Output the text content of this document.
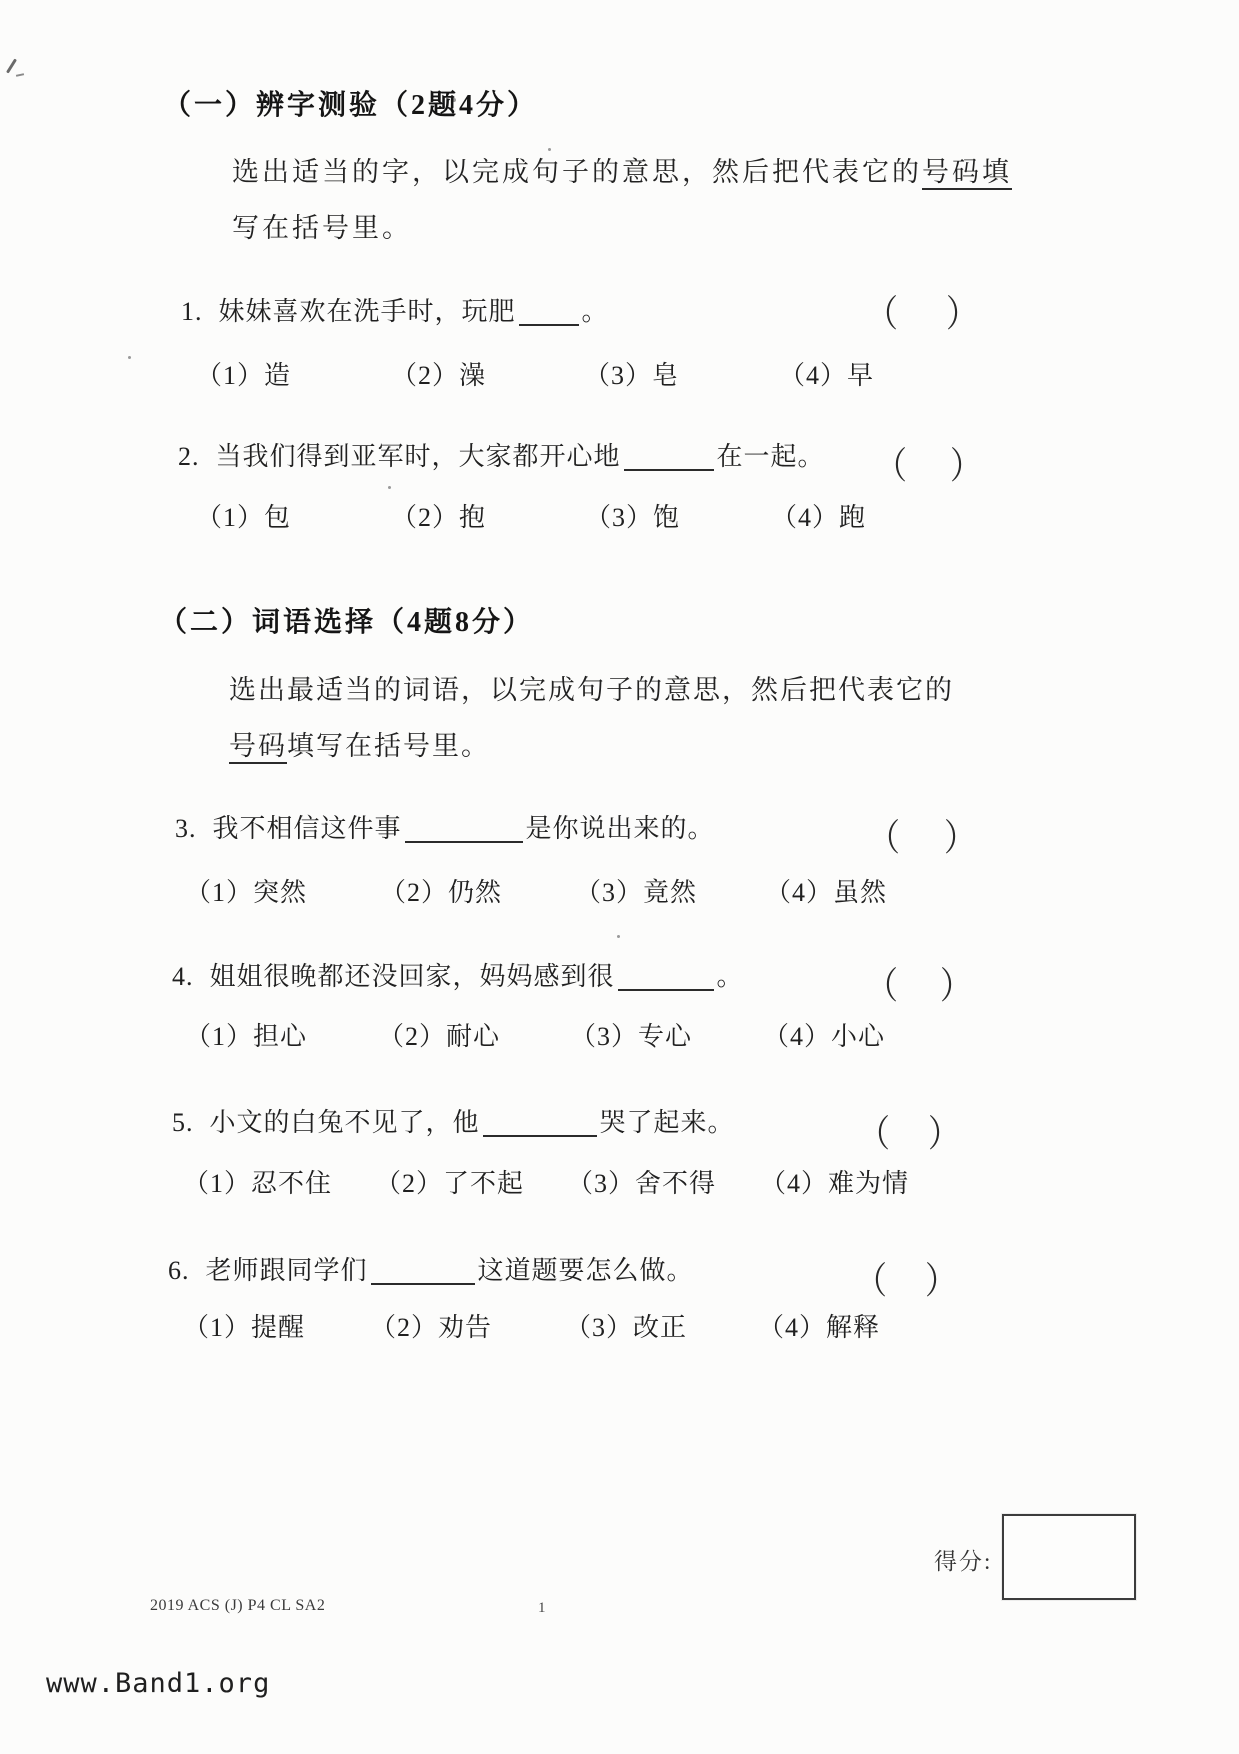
（一）辨字测验（2题4分）
选出适当的字，以完成句子的意思，然后把代表它的号码填
写在括号里。
1. 妹妹喜欢在洗手时，玩肥	。	（ ）
（1）造	（2）澡	（3）皂	（4）早
2. 当我们得到亚军时，大家都开心地	在一起。 （ ）
（1）包	（2）抱	（3）饱	（4）跑
（二）词语选择（4题8分）
选出最适当的词语，以完成句子的意思，然后把代表它的
号码填写在括号里。
3. 我不相信这件事	是你说出来的。	（ ）
（1）突然	（2）仍然	（3）竟然	（4）虽然
4. 姐姐很晚都还没回家，妈妈感到很	。	（ ）
（1）担心	（2）耐心	（3）专心	（4）小心
5. 小文的白兔不见了，他	哭了起来。	（ ）
（1）忍不住 （2）了不起 （3）舍不得 （4）难为情
6. 老师跟同学们	这道题要怎么做。	（ ）
（1）提醒 （2）劝告	（3）改正	（4）解释
得分:
2019 ACS (J) P4 CL SA2	1
www.Band1.org
